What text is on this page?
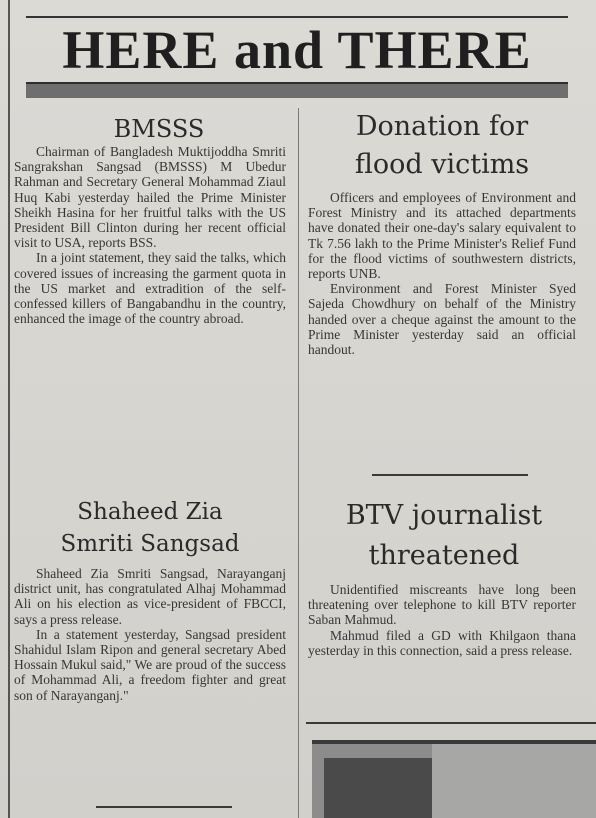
HERE and THERE
BMSSS

Chairman of Bangladesh Muktijoddha Smriti Sangrakshan Sangsad (BMSSS) M Ubedur Rahman and Secretary General Mohammad Ziaul Huq Kabi yesterday hailed the Prime Minister Sheikh Hasina for her fruitful talks with the US President Bill Clinton during her recent official visit to USA, reports BSS.

In a joint statement, they said the talks, which covered issues of increasing the garment quota in the US market and extradition of the self-confessed killers of Bangabandhu in the country, enhanced the image of the country abroad.

Shaheed Zia
Smriti Sangsad

Shaheed Zia Smriti Sangsad, Narayanganj district unit, has congratulated Alhaj Mohammad Ali on his election as vice-president of FBCCI, says a press release.

In a statement yesterday, Sangsad president Shahidul Islam Ripon and general secretary Abed Hossain Mukul said," We are proud of the success of Mohammad Ali, a freedom fighter and great son of Narayanganj."

Donation for
flood victims

Officers and employees of Environment and Forest Ministry and its attached departments have donated their one-day's salary equivalent to Tk 7.56 lakh to the Prime Minister's Relief Fund for the flood victims of southwestern districts, reports UNB.

Environment and Forest Minister Syed Sajeda Chowdhury on behalf of the Ministry handed over a cheque against the amount to the Prime Minister yesterday said an official handout.

BTV journalist
threatened

Unidentified miscreants have long been threatening over telephone to kill BTV reporter Saban Mahmud.

Mahmud filed a GD with Khilgaon thana yesterday in this connection, said a press release.
